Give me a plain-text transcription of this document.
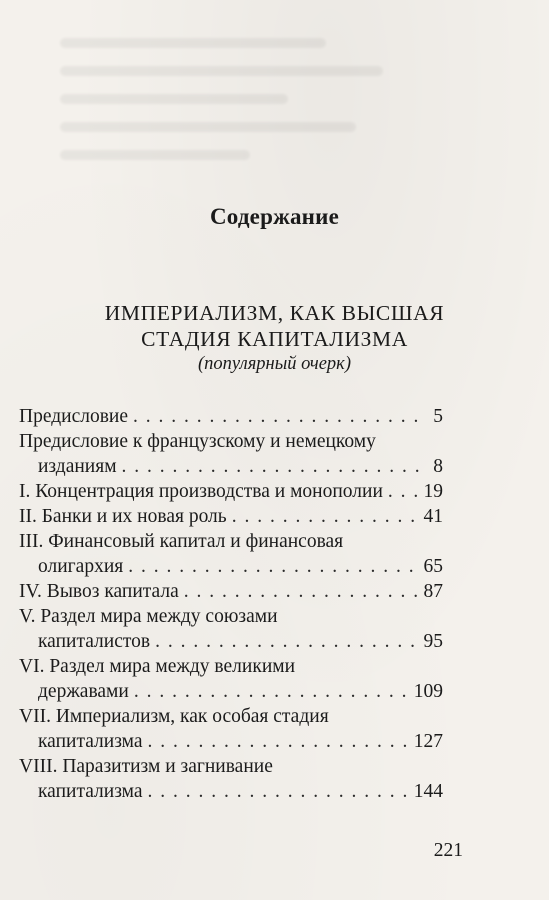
Содержание
ИМПЕРИАЛИЗМ, КАК ВЫСШАЯ
СТАДИЯ КАПИТАЛИЗМА
(популярный очерк)
Предисловие . . .	5
Предисловие к французскому и немецкому
изданиям . . .	8
I. Концентрация производства и монополии . . .	19
II. Банки и их новая роль . . .	41
III. Финансовый капитал и финансовая
олигархия . . .	65
IV. Вывоз капитала . . .	87
V. Раздел мира между союзами
капиталистов . . .	95
VI. Раздел мира между великими
державами . . .	109
VII. Империализм, как особая стадия
капитализма . . .	127
VIII. Паразитизм и загнивание
капитализма . . .	144
221
